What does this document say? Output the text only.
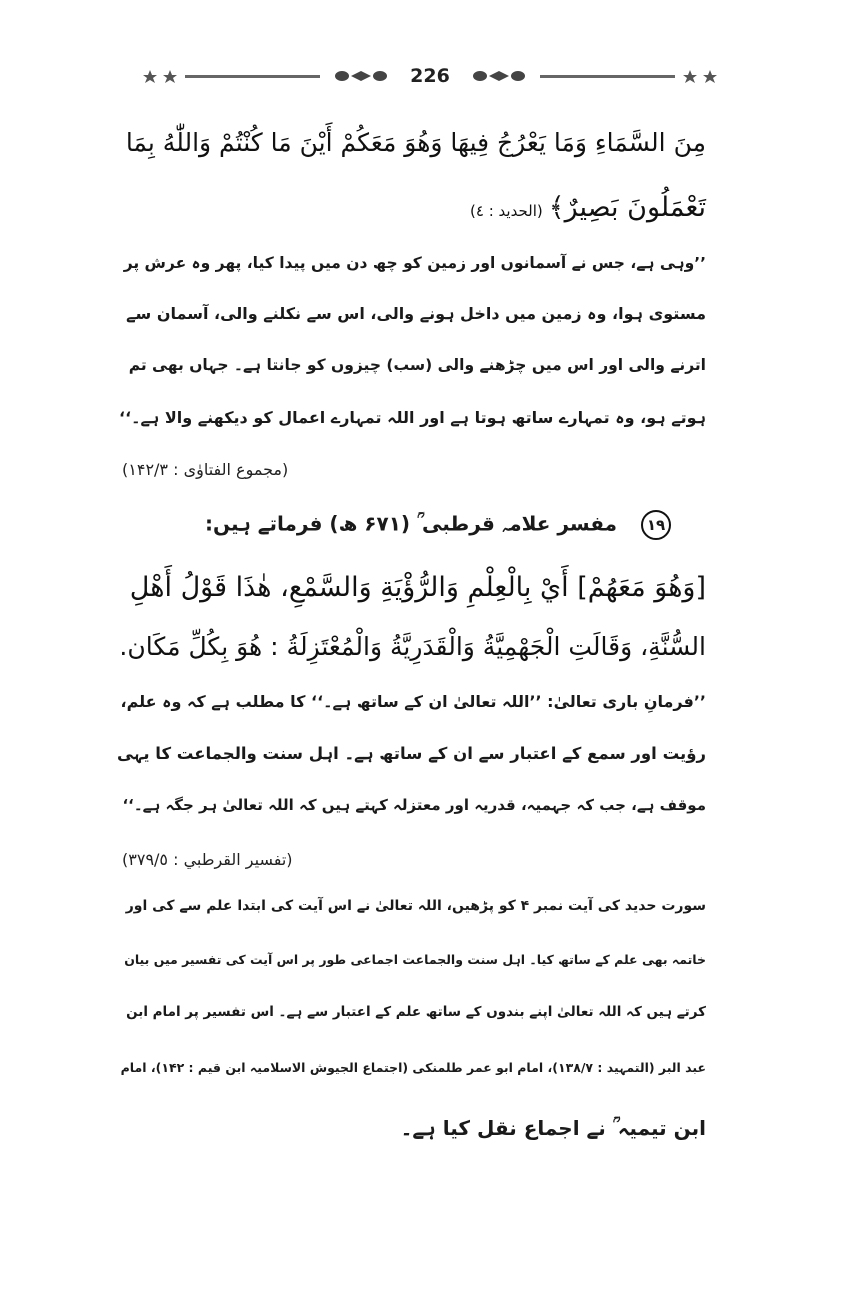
226
مِنَ السَّمَاءِ وَمَا يَعْرُجُ فِيهَا وَهُوَ مَعَكُمْ أَيْنَ مَا كُنْتُمْ وَاللّٰهُ بِمَا
تَعْمَلُونَ بَصِيرٌ﴾(الحديد : ٤)
’’وہی ہے، جس نے آسمانوں اور زمین کو چھ دن میں پیدا کیا، پھر وہ عرش پر
مستوی ہوا، وہ زمین میں داخل ہونے والی، اس سے نکلنے والی، آسمان سے
اترنے والی اور اس میں چڑھنے والی (سب) چیزوں کو جانتا ہے۔ جہاں بھی تم
ہوتے ہو، وہ تمہارے ساتھ ہوتا ہے اور اللہ تمہارے اعمال کو دیکھنے والا ہے۔‘‘
(مجموع الفتاوٰی : ۱۴۲/۳)
۱۹مفسر علامہ قرطبی ؒ (۶۷۱ ھ) فرماتے ہیں:
[وَهُوَ مَعَهُمْ] أَيْ بِالْعِلْمِ وَالرُّؤْيَةِ وَالسَّمْعِ، هٰذَا قَوْلُ أَهْلِ
السُّنَّةِ، وَقَالَتِ الْجَهْمِيَّةُ وَالْقَدَرِيَّةُ وَالْمُعْتَزِلَةُ : هُوَ بِكُلِّ مَكَان.
’’فرمانِ باری تعالیٰ: ’’اللہ تعالیٰ ان کے ساتھ ہے۔‘‘ کا مطلب ہے کہ وہ علم،
رؤیت اور سمع کے اعتبار سے ان کے ساتھ ہے۔ اہل سنت والجماعت کا یہی
موقف ہے، جب کہ جہمیہ، قدریہ اور معتزلہ کہتے ہیں کہ اللہ تعالیٰ ہر جگہ ہے۔‘‘
(تفسير القرطبي : ٣٧٩/٥)
سورت حدید کی آیت نمبر ۴ کو پڑھیں، اللہ تعالیٰ نے اس آیت کی ابتدا علم سے کی اور
خاتمہ بھی علم کے ساتھ کیا۔ اہل سنت والجماعت اجماعی طور پر اس آیت کی تفسیر میں بیان
کرتے ہیں کہ اللہ تعالیٰ اپنے بندوں کے ساتھ علم کے اعتبار سے ہے۔ اس تفسیر پر امام ابن
عبد البر (التمہید : ۱۳۸/۷)، امام ابو عمر طلمنکی (اجتماع الجیوش الاسلامیہ ابن قیم : ۱۴۲)، امام
ابن تیمیہ ؒ نے اجماع نقل کیا ہے۔
